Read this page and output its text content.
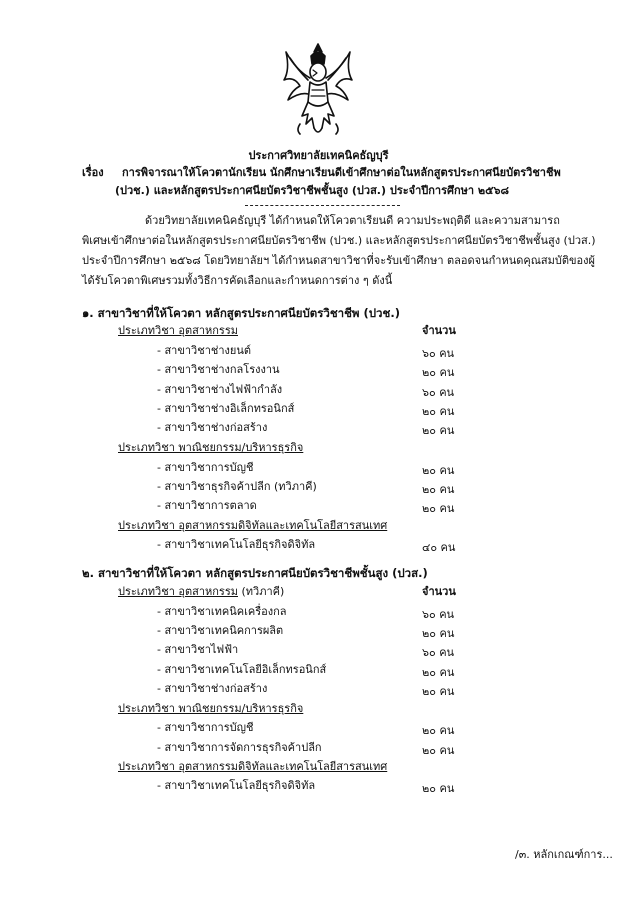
ประกาศวิทยาลัยเทคนิคธัญบุรี
เรื่อง การพิจารณาให้โควตานักเรียน นักศึกษาเรียนดีเข้าศึกษาต่อในหลักสูตรประกาศนียบัตรวิชาชีพ
(ปวช.) และหลักสูตรประกาศนียบัตรวิชาชีพชั้นสูง (ปวส.) ประจำปีการศึกษา ๒๕๖๘
ด้วยวิทยาลัยเทคนิคธัญบุรี ได้กำหนดให้โควตาเรียนดี ความประพฤติดี และความสามารถ
พิเศษเข้าศึกษาต่อในหลักสูตรประกาศนียบัตรวิชาชีพ (ปวช.) และหลักสูตรประกาศนียบัตรวิชาชีพชั้นสูง (ปวส.)
ประจำปีการศึกษา ๒๕๖๘ โดยวิทยาลัยฯ ได้กำหนดสาขาวิชาที่จะรับเข้าศึกษา ตลอดจนกำหนดคุณสมบัติของผู้
ได้รับโควตาพิเศษรวมทั้งวิธีการคัดเลือกและกำหนดการต่าง ๆ ดังนี้
๑. สาขาวิชาที่ให้โควตา หลักสูตรประกาศนียบัตรวิชาชีพ (ปวช.)
ประเภทวิชา อุตสาหกรรม	จำนวน
- สาขาวิชาช่างยนต์	๖๐ คน
- สาขาวิชาช่างกลโรงงาน	๒๐ คน
- สาขาวิชาช่างไฟฟ้ากำลัง	๖๐ คน
- สาขาวิชาช่างอิเล็กทรอนิกส์	๒๐ คน
- สาขาวิชาช่างก่อสร้าง	๒๐ คน
ประเภทวิชา พาณิชยกรรม/บริหารธุรกิจ
- สาขาวิชาการบัญชี	๒๐ คน
- สาขาวิชาธุรกิจค้าปลีก (ทวิภาคี)	๒๐ คน
- สาขาวิชาการตลาด	๒๐ คน
ประเภทวิชา อุตสาหกรรมดิจิทัลและเทคโนโลยีสารสนเทศ
- สาขาวิชาเทคโนโลยีธุรกิจดิจิทัล	๔๐ คน
๒. สาขาวิชาที่ให้โควตา หลักสูตรประกาศนียบัตรวิชาชีพชั้นสูง (ปวส.)
ประเภทวิชา อุตสาหกรรม (ทวิภาคี)	จำนวน
- สาขาวิชาเทคนิคเครื่องกล	๖๐ คน
- สาขาวิชาเทคนิคการผลิต	๒๐ คน
- สาขาวิชาไฟฟ้า	๖๐ คน
- สาขาวิชาเทคโนโลยีอิเล็กทรอนิกส์	๒๐ คน
- สาขาวิชาช่างก่อสร้าง	๒๐ คน
ประเภทวิชา พาณิชยกรรม/บริหารธุรกิจ
- สาขาวิชาการบัญชี	๒๐ คน
- สาขาวิชาการจัดการธุรกิจค้าปลีก	๒๐ คน
ประเภทวิชา อุตสาหกรรมดิจิทัลและเทคโนโลยีสารสนเทศ
- สาขาวิชาเทคโนโลยีธุรกิจดิจิทัล	๒๐ คน
/๓. หลักเกณฑ์การ...
